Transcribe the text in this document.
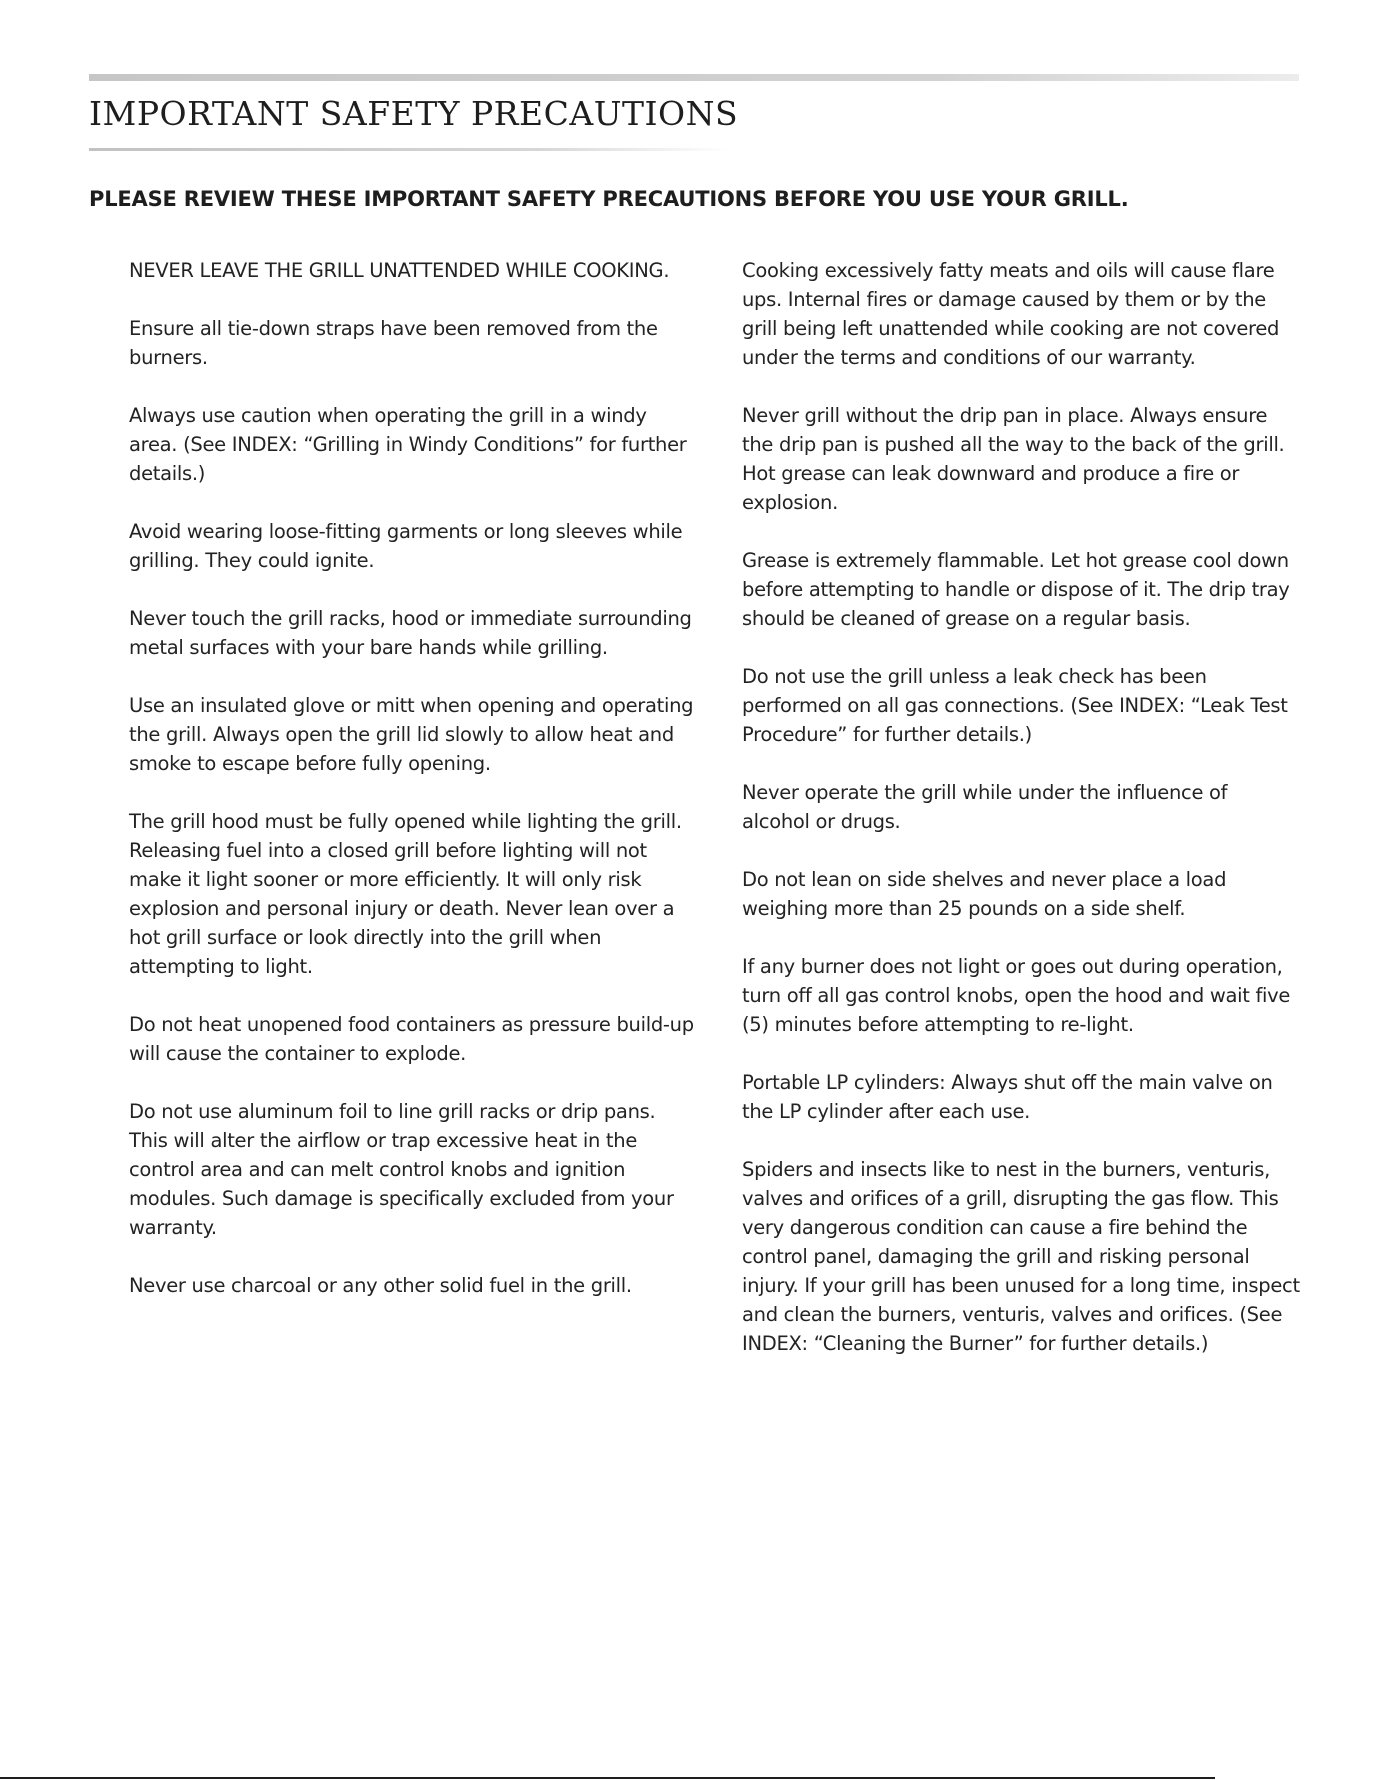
IMPORTANT SAFETY PRECAUTIONS
PLEASE REVIEW THESE IMPORTANT SAFETY PRECAUTIONS BEFORE YOU USE YOUR GRILL.

NEVER LEAVE THE GRILL UNATTENDED WHILE COOKING.

Ensure all tie-down straps have been removed from the burners.

Always use caution when operating the grill in a windy area. (See INDEX: “Grilling in Windy Conditions” for further details.)

Avoid wearing loose-fitting garments or long sleeves while grilling. They could ignite.

Never touch the grill racks, hood or immediate surrounding metal surfaces with your bare hands while grilling.

Use an insulated glove or mitt when opening and operating the grill. Always open the grill lid slowly to allow heat and smoke to escape before fully opening.

The grill hood must be fully opened while lighting the grill. Releasing fuel into a closed grill before lighting will not make it light sooner or more efficiently. It will only risk explosion and personal injury or death. Never lean over a hot grill surface or look directly into the grill when attempting to light.

Do not heat unopened food containers as pressure build-up will cause the container to explode.

Do not use aluminum foil to line grill racks or drip pans. This will alter the airflow or trap excessive heat in the control area and can melt control knobs and ignition modules. Such damage is specifically excluded from your warranty.

Never use charcoal or any other solid fuel in the grill.

Cooking excessively fatty meats and oils will cause flare ups. Internal fires or damage caused by them or by the grill being left unattended while cooking are not covered under the terms and conditions of our warranty.

Never grill without the drip pan in place. Always ensure the drip pan is pushed all the way to the back of the grill. Hot grease can leak downward and produce a fire or explosion.

Grease is extremely flammable. Let hot grease cool down before attempting to handle or dispose of it. The drip tray should be cleaned of grease on a regular basis.

Do not use the grill unless a leak check has been performed on all gas connections. (See INDEX: “Leak Test Procedure” for further details.)

Never operate the grill while under the influence of alcohol or drugs.

Do not lean on side shelves and never place a load weighing more than 25 pounds on a side shelf.

If any burner does not light or goes out during operation, turn off all gas control knobs, open the hood and wait five (5) minutes before attempting to re-light.

Portable LP cylinders: Always shut off the main valve on the LP cylinder after each use.

Spiders and insects like to nest in the burners, venturis, valves and orifices of a grill, disrupting the gas flow. This very dangerous condition can cause a fire behind the control panel, damaging the grill and risking personal injury. If your grill has been unused for a long time, inspect and clean the burners, venturis, valves and orifices. (See INDEX: “Cleaning the Burner” for further details.)
